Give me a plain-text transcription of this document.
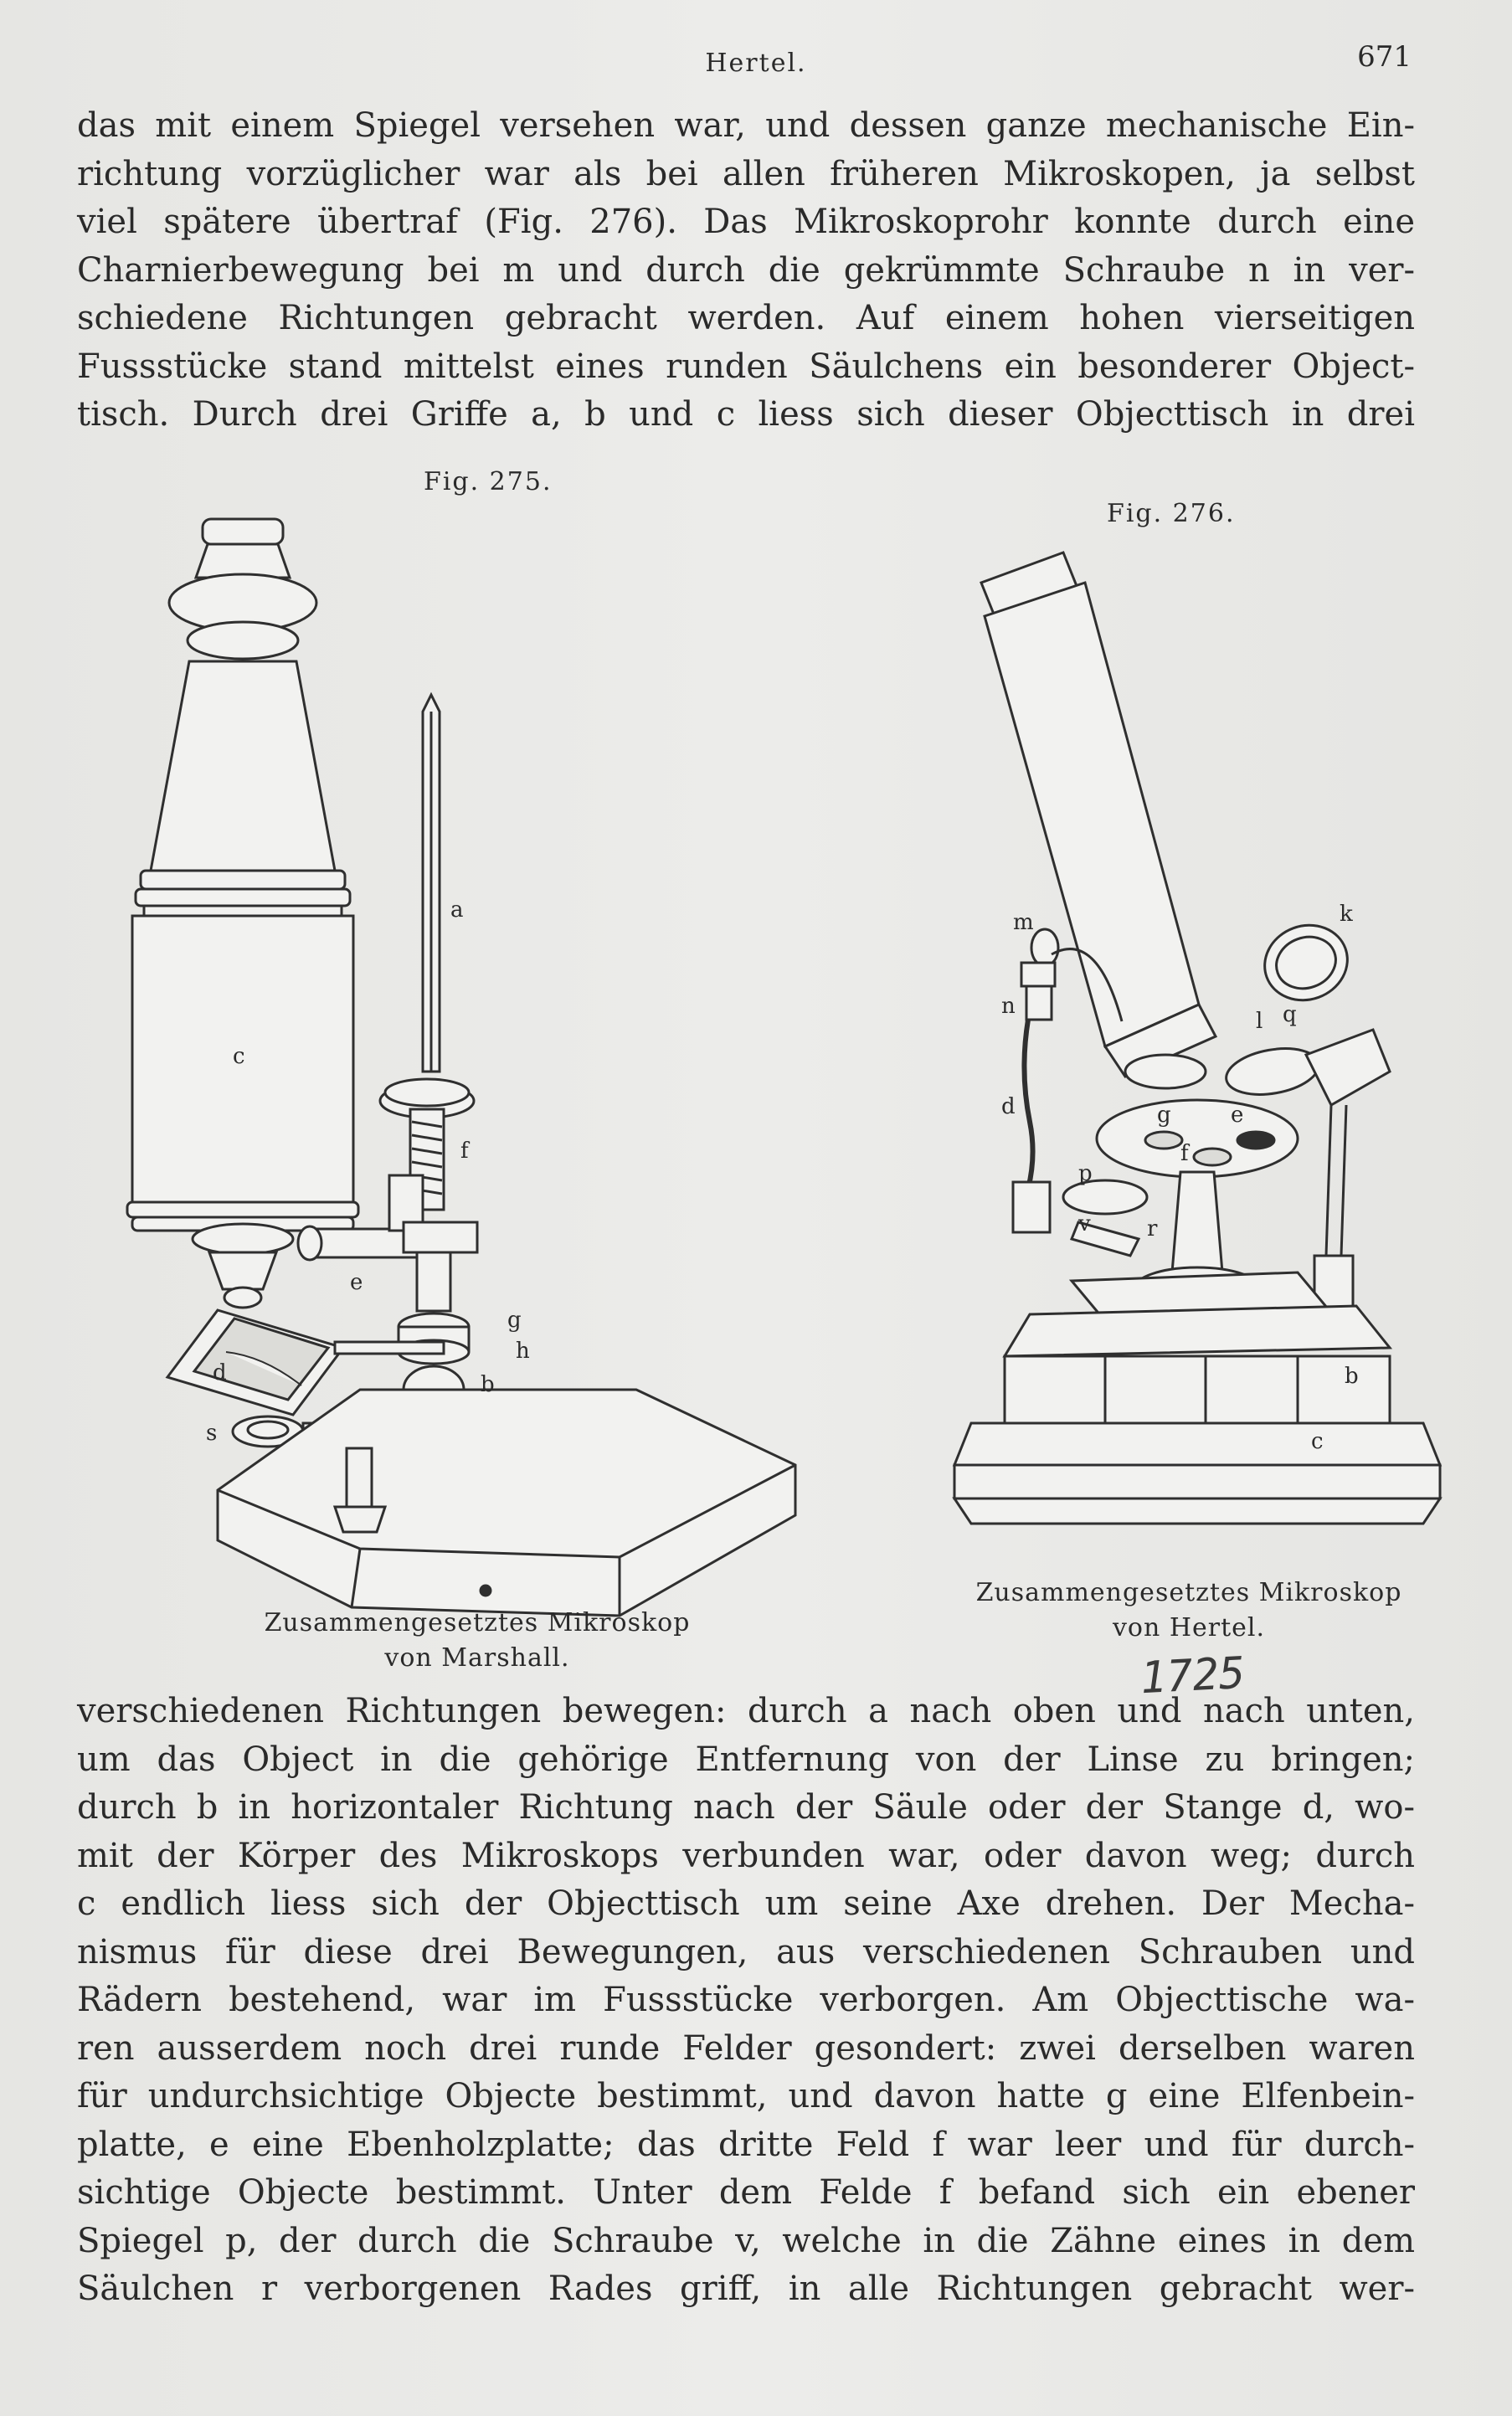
Hertel.	671
das mit einem Spiegel versehen war, und dessen ganze mechanische Ein-
richtung vorzüglicher war als bei allen früheren Mikroskopen, ja selbst
viel spätere übertraf (Fig. 276). Das Mikroskoprohr konnte durch eine
Charnierbewegung bei m und durch die gekrümmte Schraube n in ver-
schiedene Richtungen gebracht werden. Auf einem hohen vierseitigen
Fussstücke stand mittelst eines runden Säulchens ein besonderer Object-
tisch. Durch drei Griffe a, b und c liess sich dieser Objecttisch in drei
Fig. 275.
Fig. 276.
c
a
f
e
g
h
d	b
s
m
n
k
l q
d	g	e
f
p
v	r
b
c
Zusammengesetztes Mikroskop
von Marshall.
Zusammengesetztes Mikroskop
von Hertel.
1725
verschiedenen Richtungen bewegen: durch a nach oben und nach unten,
um das Object in die gehörige Entfernung von der Linse zu bringen;
durch b in horizontaler Richtung nach der Säule oder der Stange d, wo-
mit der Körper des Mikroskops verbunden war, oder davon weg; durch
c endlich liess sich der Objecttisch um seine Axe drehen. Der Mecha-
nismus für diese drei Bewegungen, aus verschiedenen Schrauben und
Rädern bestehend, war im Fussstücke verborgen. Am Objecttische wa-
ren ausserdem noch drei runde Felder gesondert: zwei derselben waren
für undurchsichtige Objecte bestimmt, und davon hatte g eine Elfenbein-
platte, e eine Ebenholzplatte; das dritte Feld f war leer und für durch-
sichtige Objecte bestimmt. Unter dem Felde f befand sich ein ebener
Spiegel p, der durch die Schraube v, welche in die Zähne eines in dem
Säulchen r verborgenen Rades griff, in alle Richtungen gebracht wer-
